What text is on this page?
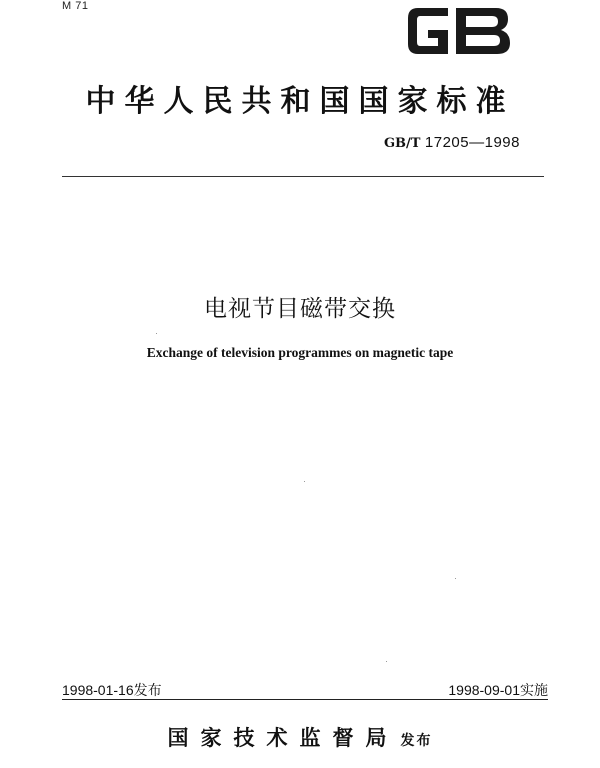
M 71
中华人民共和国国家标准
GB/T 17205—1998
电视节目磁带交换
Exchange of television programmes on magnetic tape
1998-01-16发布	1998-09-01实施
国家技术监督局 发布
